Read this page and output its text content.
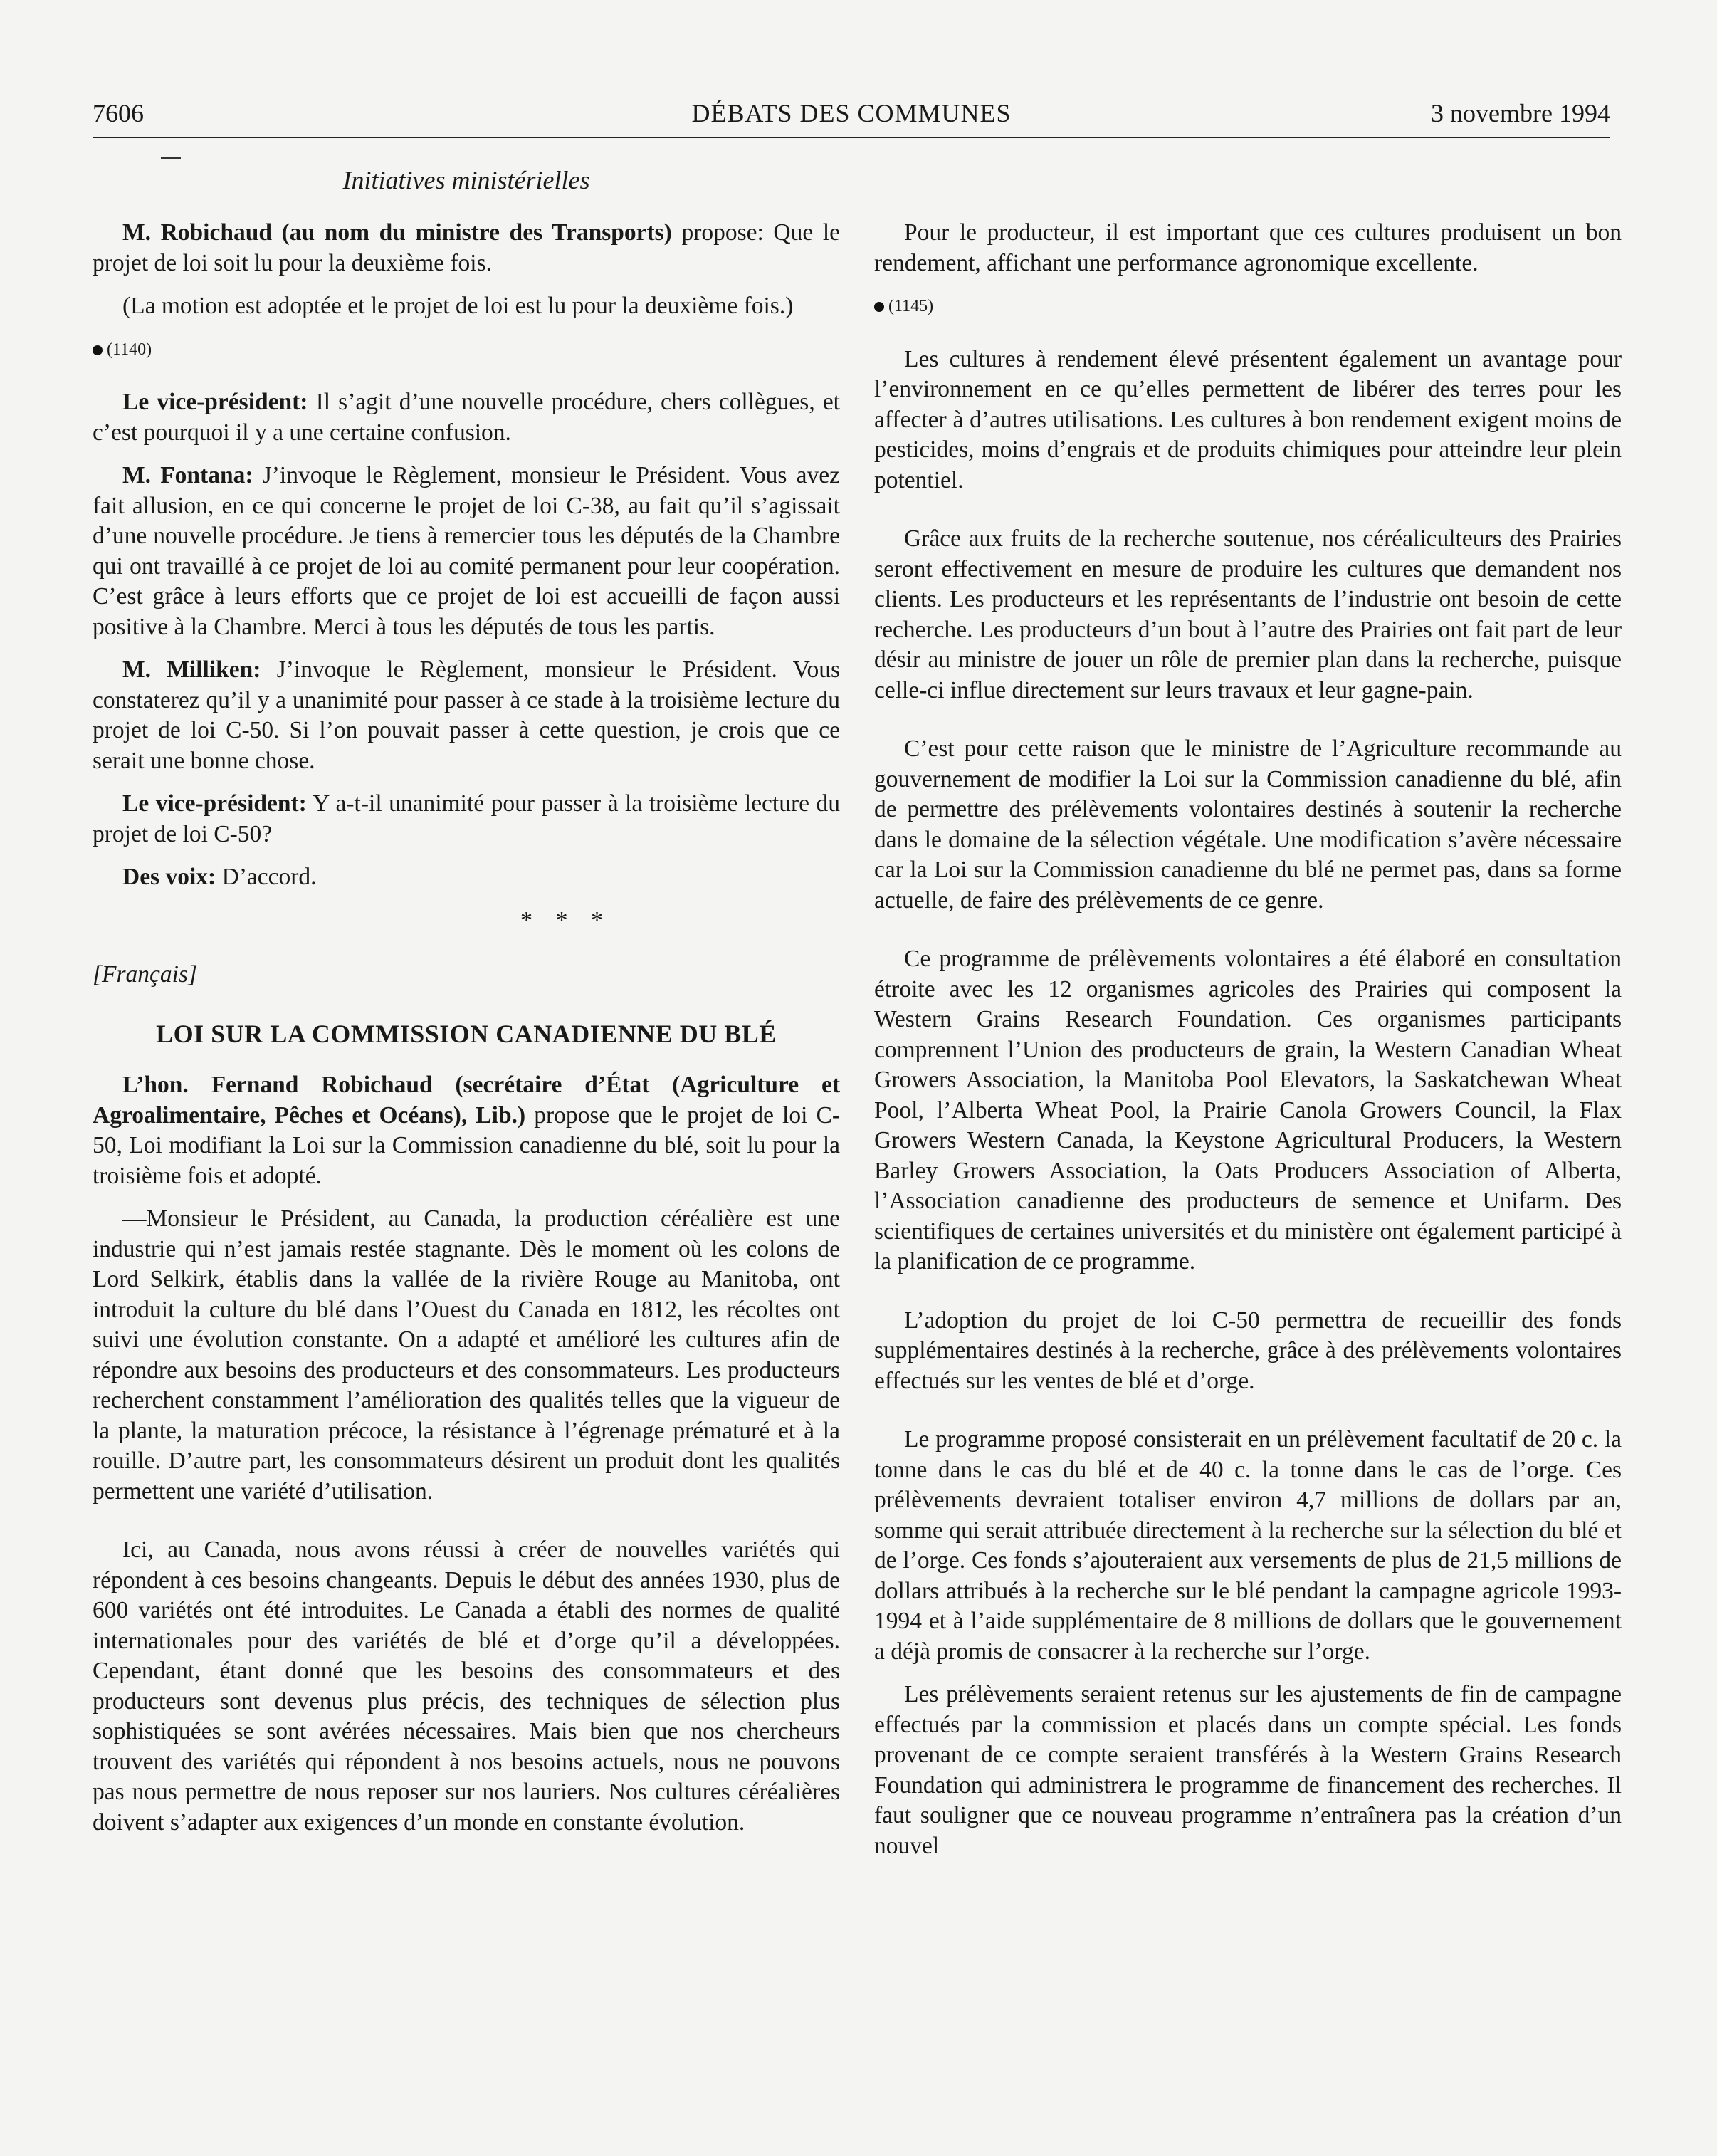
7606	DÉBATS DES COMMUNES	3 novembre 1994
Initiatives ministérielles

M. Robichaud (au nom du ministre des Transports) propose: Que le projet de loi soit lu pour la deuxième fois.

(La motion est adoptée et le projet de loi est lu pour la deuxième fois.)

(1140)

Le vice-président: Il s’agit d’une nouvelle procédure, chers collègues, et c’est pourquoi il y a une certaine confusion.

M. Fontana: J’invoque le Règlement, monsieur le Président. Vous avez fait allusion, en ce qui concerne le projet de loi C-38, au fait qu’il s’agissait d’une nouvelle procédure. Je tiens à remercier tous les députés de la Chambre qui ont travaillé à ce projet de loi au comité permanent pour leur coopération. C’est grâce à leurs efforts que ce projet de loi est accueilli de façon aussi positive à la Chambre. Merci à tous les députés de tous les partis.

M. Milliken: J’invoque le Règlement, monsieur le Président. Vous constaterez qu’il y a unanimité pour passer à ce stade à la troisième lecture du projet de loi C-50. Si l’on pouvait passer à cette question, je crois que ce serait une bonne chose.

Le vice-président: Y a-t-il unanimité pour passer à la troisième lecture du projet de loi C-50?

Des voix: D’accord.

* * *
[Français]
LOI SUR LA COMMISSION CANADIENNE DU BLÉ

L’hon. Fernand Robichaud (secrétaire d’État (Agriculture et Agroalimentaire, Pêches et Océans), Lib.) propose que le projet de loi C-50, Loi modifiant la Loi sur la Commission canadienne du blé, soit lu pour la troisième fois et adopté.

—Monsieur le Président, au Canada, la production céréalière est une industrie qui n’est jamais restée stagnante. Dès le moment où les colons de Lord Selkirk, établis dans la vallée de la rivière Rouge au Manitoba, ont introduit la culture du blé dans l’Ouest du Canada en 1812, les récoltes ont suivi une évolution constante. On a adapté et amélioré les cultures afin de répondre aux besoins des producteurs et des consommateurs. Les producteurs recherchent constamment l’amélioration des qualités telles que la vigueur de la plante, la maturation précoce, la résistance à l’égrenage prématuré et à la rouille. D’autre part, les consommateurs désirent un produit dont les qualités permettent une variété d’utilisation.

Ici, au Canada, nous avons réussi à créer de nouvelles variétés qui répondent à ces besoins changeants. Depuis le début des années 1930, plus de 600 variétés ont été introduites. Le Canada a établi des normes de qualité internationales pour des variétés de blé et d’orge qu’il a développées. Cependant, étant donné que les besoins des consommateurs et des producteurs sont devenus plus précis, des techniques de sélection plus sophistiquées se sont avérées nécessaires. Mais bien que nos chercheurs trouvent des variétés qui répondent à nos besoins actuels, nous ne pouvons pas nous permettre de nous reposer sur nos lauriers. Nos cultures céréalières doivent s’adapter aux exigences d’un monde en constante évolution.

Pour le producteur, il est important que ces cultures produisent un bon rendement, affichant une performance agronomique excellente.

(1145)

Les cultures à rendement élevé présentent également un avantage pour l’environnement en ce qu’elles permettent de libérer des terres pour les affecter à d’autres utilisations. Les cultures à bon rendement exigent moins de pesticides, moins d’engrais et de produits chimiques pour atteindre leur plein potentiel.

Grâce aux fruits de la recherche soutenue, nos céréaliculteurs des Prairies seront effectivement en mesure de produire les cultures que demandent nos clients. Les producteurs et les représentants de l’industrie ont besoin de cette recherche. Les producteurs d’un bout à l’autre des Prairies ont fait part de leur désir au ministre de jouer un rôle de premier plan dans la recherche, puisque celle-ci influe directement sur leurs travaux et leur gagne-pain.

C’est pour cette raison que le ministre de l’Agriculture recommande au gouvernement de modifier la Loi sur la Commission canadienne du blé, afin de permettre des prélèvements volontaires destinés à soutenir la recherche dans le domaine de la sélection végétale. Une modification s’avère nécessaire car la Loi sur la Commission canadienne du blé ne permet pas, dans sa forme actuelle, de faire des prélèvements de ce genre.

Ce programme de prélèvements volontaires a été élaboré en consultation étroite avec les 12 organismes agricoles des Prairies qui composent la Western Grains Research Foundation. Ces organismes participants comprennent l’Union des producteurs de grain, la Western Canadian Wheat Growers Association, la Manitoba Pool Elevators, la Saskatchewan Wheat Pool, l’Alberta Wheat Pool, la Prairie Canola Growers Council, la Flax Growers Western Canada, la Keystone Agricultural Producers, la Western Barley Growers Association, la Oats Producers Association of Alberta, l’Association canadienne des producteurs de semence et Unifarm. Des scientifiques de certaines universités et du ministère ont également participé à la planification de ce programme.

L’adoption du projet de loi C-50 permettra de recueillir des fonds supplémentaires destinés à la recherche, grâce à des prélèvements volontaires effectués sur les ventes de blé et d’orge.

Le programme proposé consisterait en un prélèvement facultatif de 20 c. la tonne dans le cas du blé et de 40 c. la tonne dans le cas de l’orge. Ces prélèvements devraient totaliser environ 4,7 millions de dollars par an, somme qui serait attribuée directement à la recherche sur la sélection du blé et de l’orge. Ces fonds s’ajouteraient aux versements de plus de 21,5 millions de dollars attribués à la recherche sur le blé pendant la campagne agricole 1993-1994 et à l’aide supplémentaire de 8 millions de dollars que le gouvernement a déjà promis de consacrer à la recherche sur l’orge.

Les prélèvements seraient retenus sur les ajustements de fin de campagne effectués par la commission et placés dans un compte spécial. Les fonds provenant de ce compte seraient transférés à la Western Grains Research Foundation qui administrera le programme de financement des recherches. Il faut souligner que ce nouveau programme n’entraînera pas la création d’un nouvel
